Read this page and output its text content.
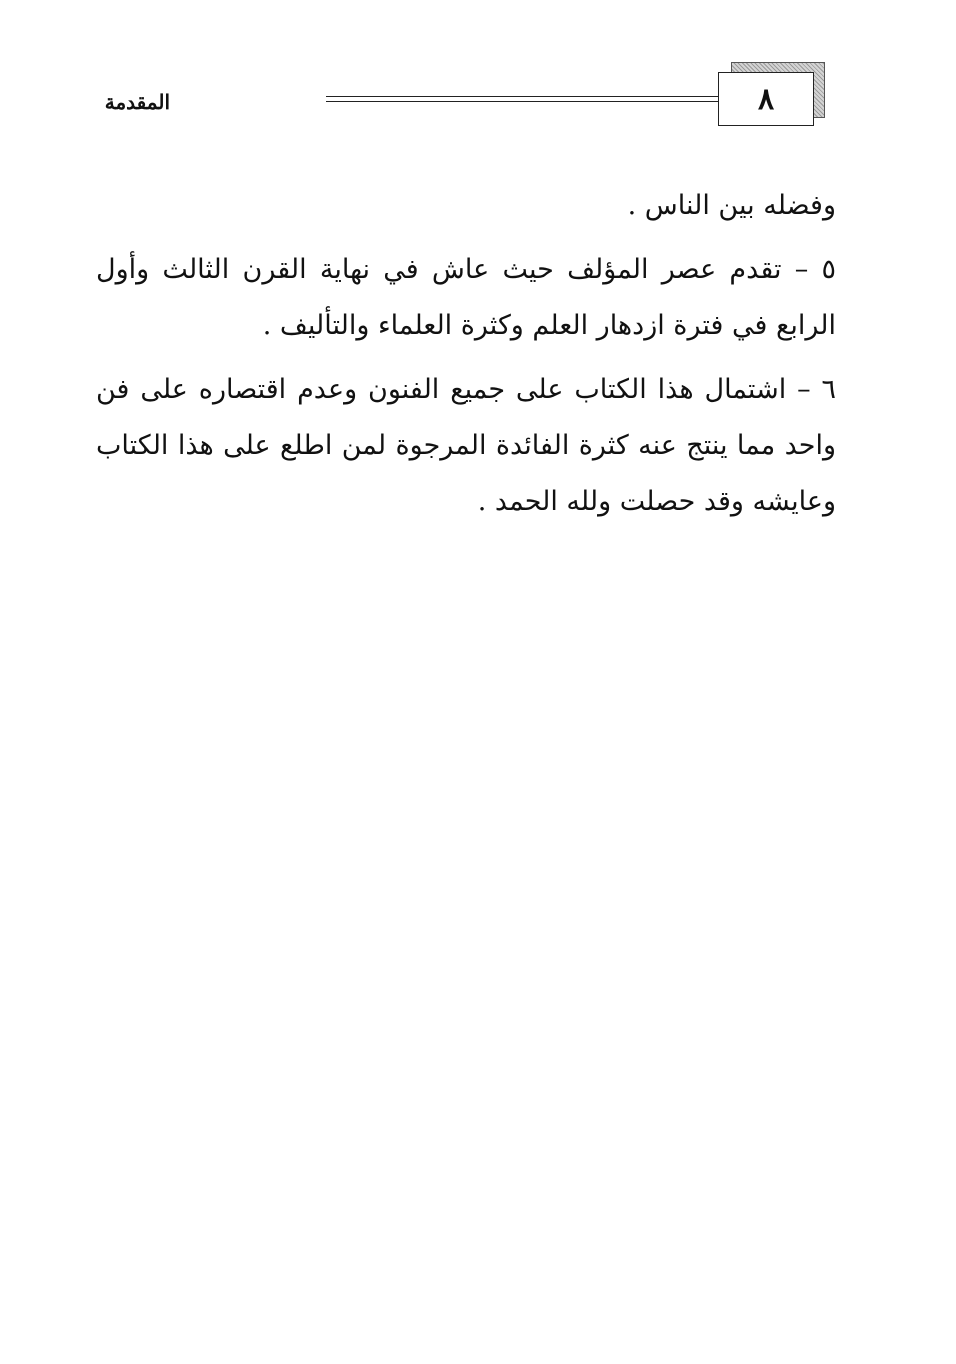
٨
المقدمة

وفضله بين الناس .

٥ – تقدم عصر المؤلف حيث عاش في نهاية القرن الثالث وأول الرابع في فترة ازدهار العلم وكثرة العلماء والتأليف .

٦ – اشتمال هذا الكتاب على جميع الفنون وعدم اقتصاره على فن واحد مما ينتج عنه كثرة الفائدة المرجوة لمن اطلع على هذا الكتاب وعايشه وقد حصلت ولله الحمد .
